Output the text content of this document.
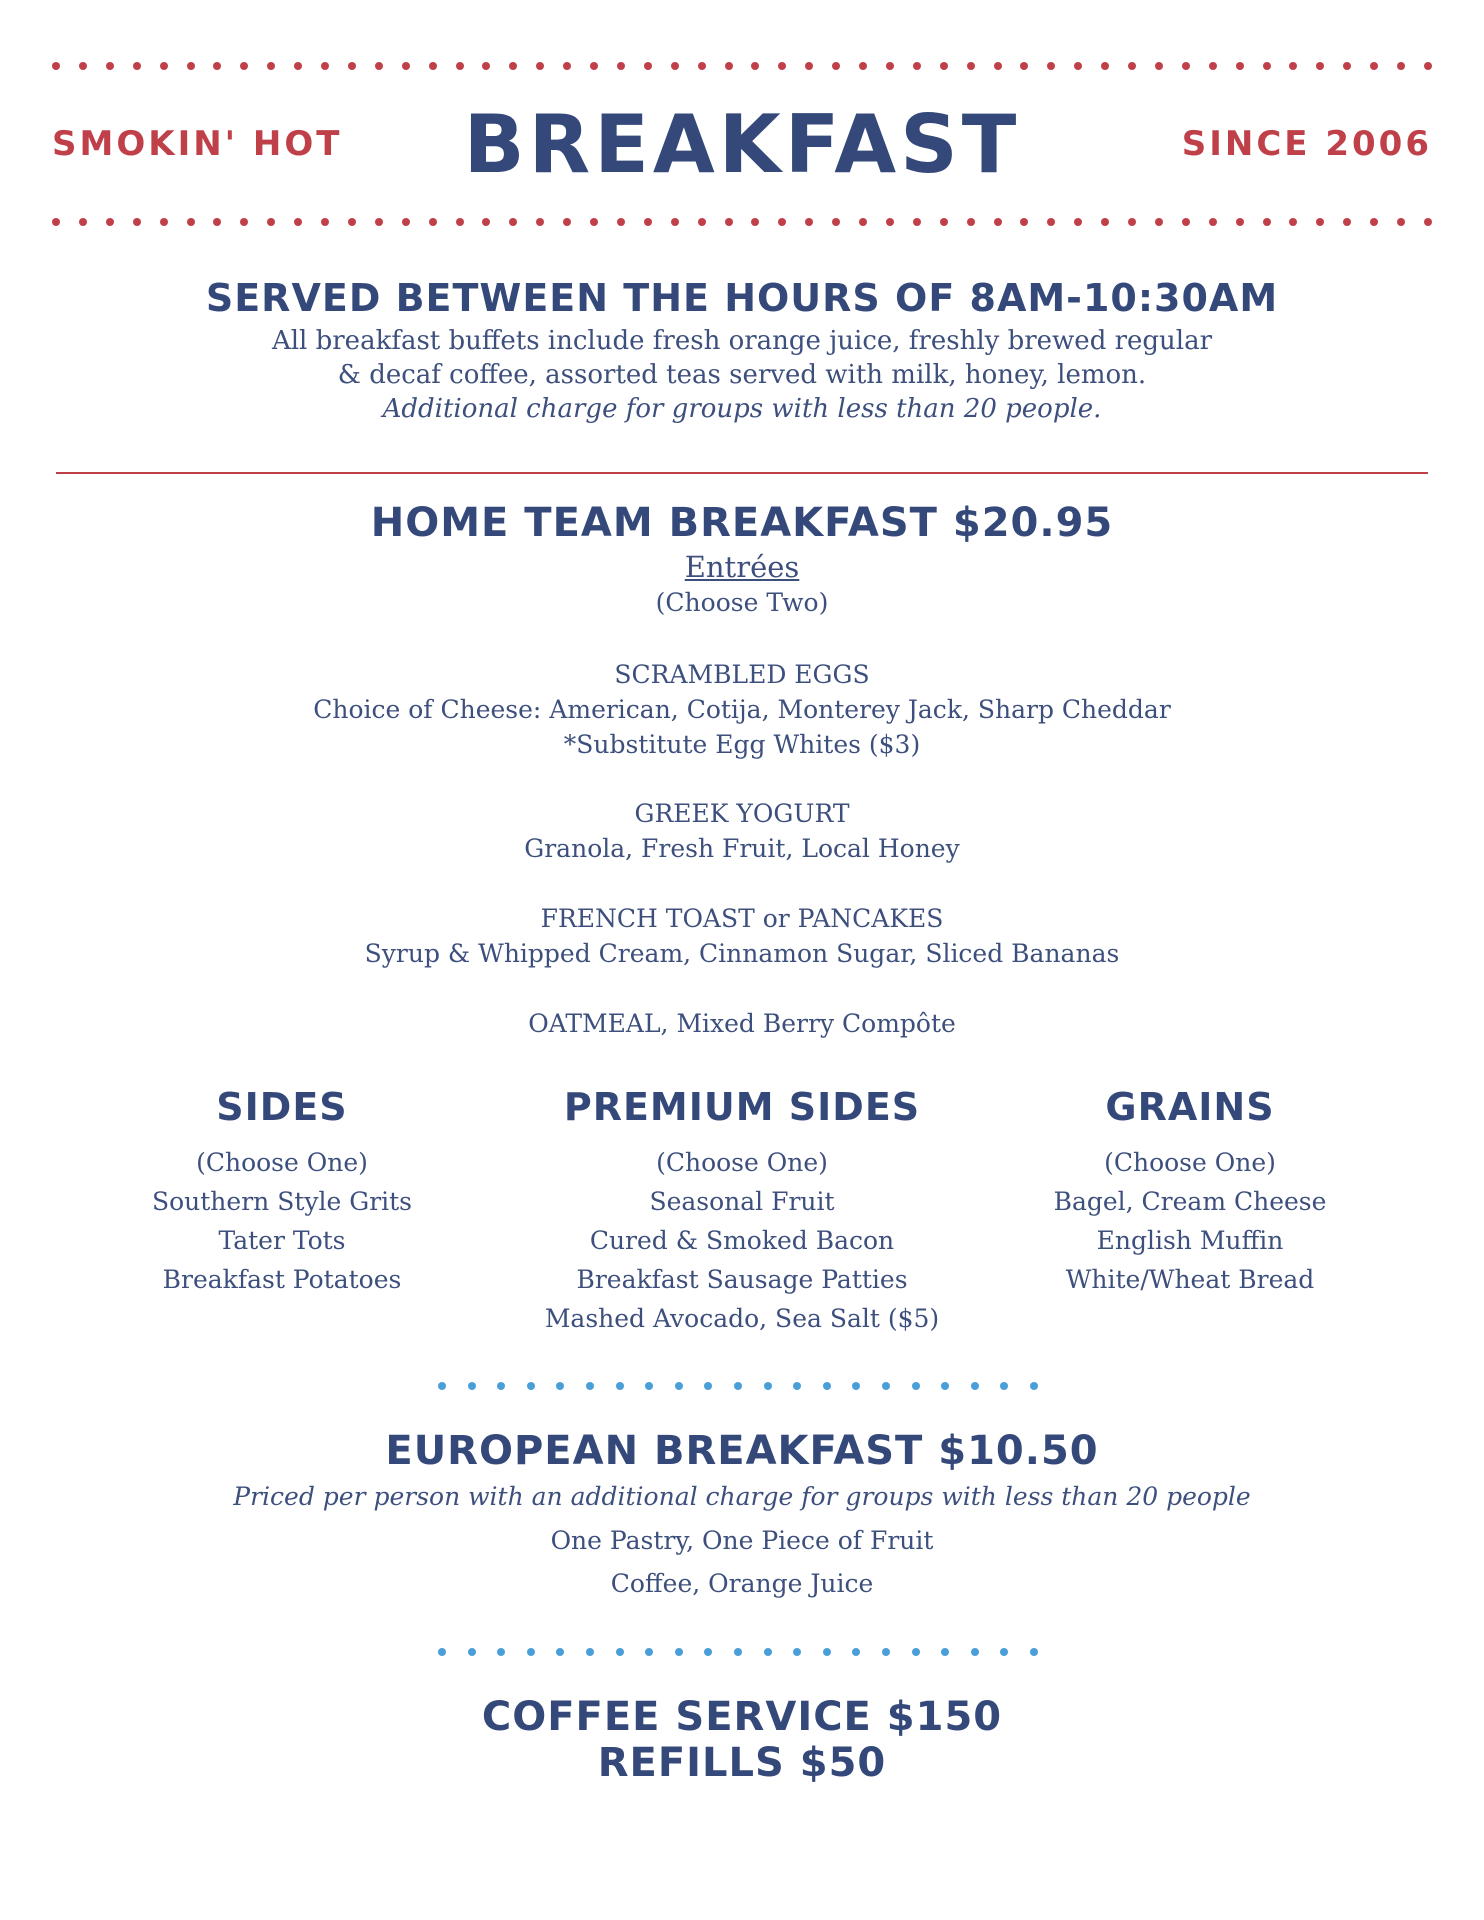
SMOKIN' HOT	BREAKFAST	SINCE 2006
SERVED BETWEEN THE HOURS OF 8AM-10:30AM
All breakfast buffets include fresh orange juice, freshly brewed regular
& decaf coffee, assorted teas served with milk, honey, lemon.
Additional charge for groups with less than 20 people.
HOME TEAM BREAKFAST $20.95
Entrées
(Choose Two)
SCRAMBLED EGGS
Choice of Cheese: American, Cotija, Monterey Jack, Sharp Cheddar
*Substitute Egg Whites ($3)
GREEK YOGURT
Granola, Fresh Fruit, Local Honey
FRENCH TOAST or PANCAKES
Syrup & Whipped Cream, Cinnamon Sugar, Sliced Bananas
OATMEAL, Mixed Berry Compôte
SIDES
(Choose One)
Southern Style Grits
Tater Tots
Breakfast Potatoes
PREMIUM SIDES
(Choose One)
Seasonal Fruit
Cured & Smoked Bacon
Breakfast Sausage Patties
Mashed Avocado, Sea Salt ($5)
GRAINS
(Choose One)
Bagel, Cream Cheese
English Muffin
White/Wheat Bread
EUROPEAN BREAKFAST $10.50
Priced per person with an additional charge for groups with less than 20 people
One Pastry, One Piece of Fruit
Coffee, Orange Juice
COFFEE SERVICE $150
REFILLS $50
